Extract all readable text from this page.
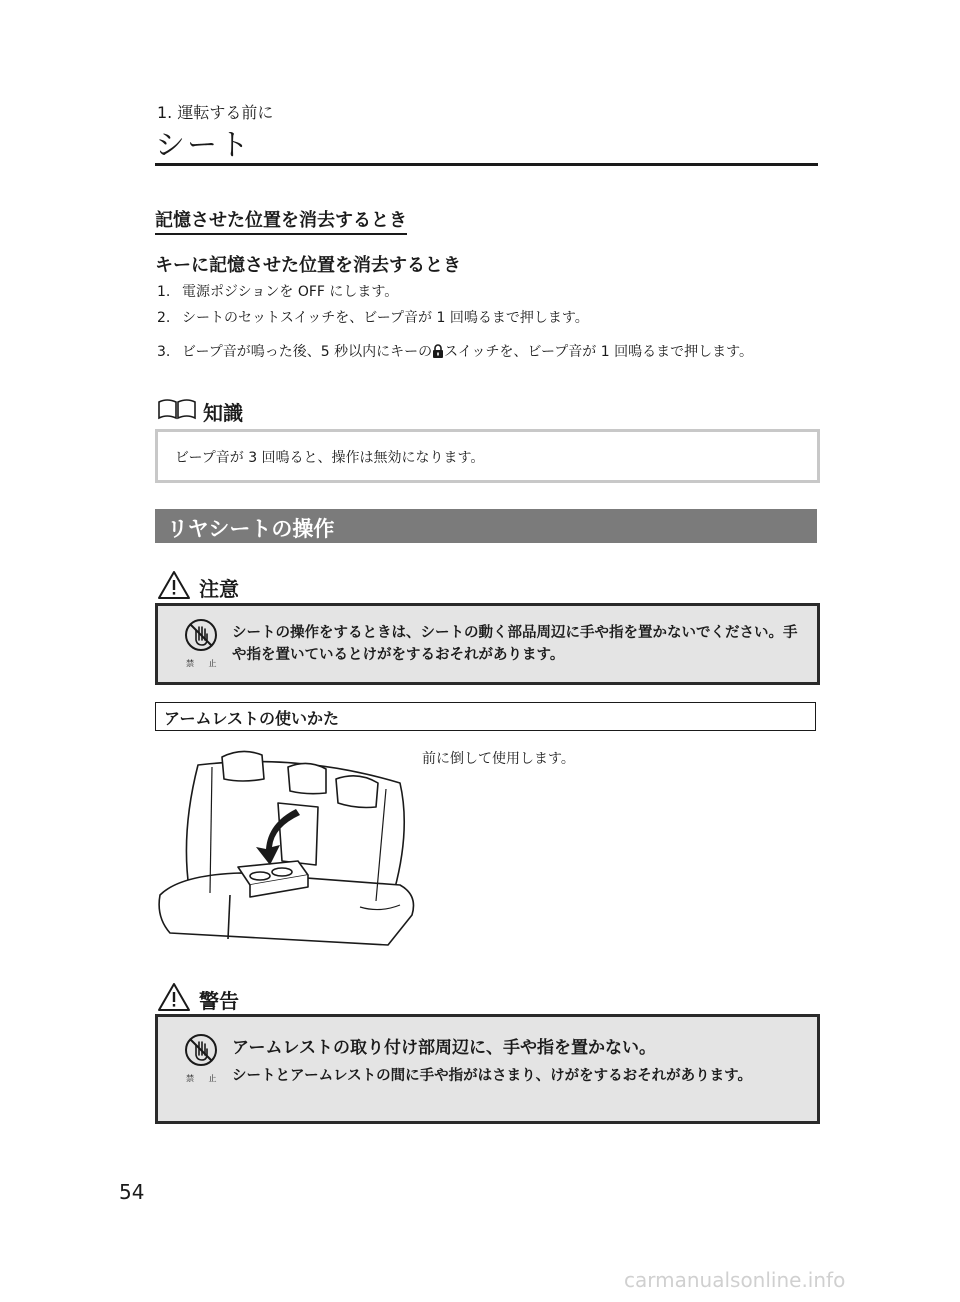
1. 運転する前に
シート
記憶させた位置を消去するとき
キーに記憶させた位置を消去するとき
1. 電源ポジションを OFF にします。
2. シートのセットスイッチを、ビープ音が 1 回鳴るまで押します。
3. ビープ音が鳴った後、5 秒以内にキーの スイッチを、ビープ音が 1 回鳴るまで押します。
知識
ビープ音が 3 回鳴ると、操作は無効になります。
リヤシートの操作
注意
禁 止
シートの操作をするときは、シートの動く部品周辺に手や指を置かないでください。手や指を置いているとけがをするおそれがあります。
アームレストの使いかた
前に倒して使用します。
警告
禁 止
アームレストの取り付け部周辺に、手や指を置かない。
シートとアームレストの間に手や指がはさまり、けがをするおそれがあります。
54
carmanualsonline.info
